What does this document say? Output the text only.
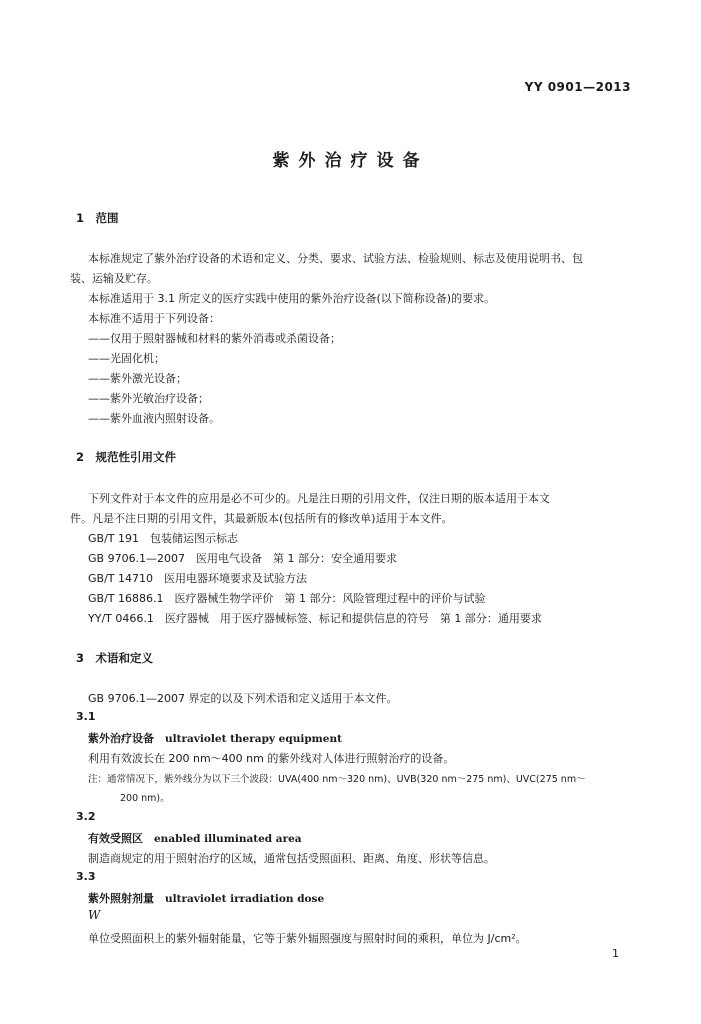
YY 0901—2013
紫外治疗设备
1　范围
本标准规定了紫外治疗设备的术语和定义、分类、要求、试验方法、检验规则、标志及使用说明书、包
装、运输及贮存。
本标准适用于 3.1 所定义的医疗实践中使用的紫外治疗设备(以下简称设备)的要求。
本标准不适用于下列设备：
——仅用于照射器械和材料的紫外消毒或杀菌设备；
——光固化机；
——紫外激光设备；
——紫外光敏治疗设备；
——紫外血液内照射设备。
2　规范性引用文件
下列文件对于本文件的应用是必不可少的。凡是注日期的引用文件，仅注日期的版本适用于本文
件。凡是不注日期的引用文件，其最新版本(包括所有的修改单)适用于本文件。
GB/T 191　包装储运图示标志
GB 9706.1—2007　医用电气设备　第 1 部分：安全通用要求
GB/T 14710　医用电器环境要求及试验方法
GB/T 16886.1　医疗器械生物学评价　第 1 部分：风险管理过程中的评价与试验
YY/T 0466.1　医疗器械　用于医疗器械标签、标记和提供信息的符号　第 1 部分：通用要求
3　术语和定义
GB 9706.1—2007 界定的以及下列术语和定义适用于本文件。
3.1
紫外治疗设备　 ultraviolet therapy equipment
利用有效波长在 200 nm～400 nm 的紫外线对人体进行照射治疗的设备。
注：通常情况下，紫外线分为以下三个波段：UVA(400 nm～320 nm)、UVB(320 nm～275 nm)、UVC(275 nm～
200 nm)。
3.2
有效受照区　 enabled illuminated area
制造商规定的用于照射治疗的区域，通常包括受照面积、距离、角度、形状等信息。
3.3
紫外照射剂量　 ultraviolet irradiation dose
W
单位受照面积上的紫外辐射能量，它等于紫外辐照强度与照射时间的乘积，单位为 J/cm²。
1
